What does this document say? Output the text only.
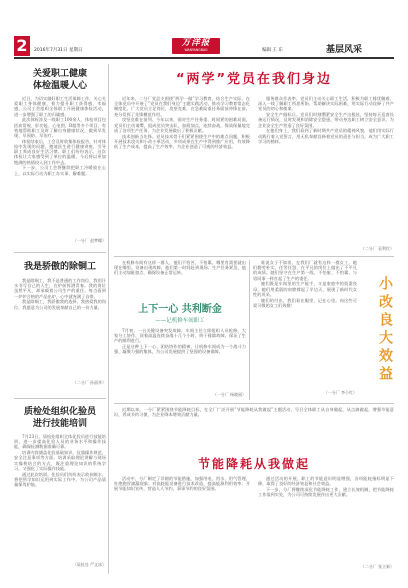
2	2016年7月31日 星期日
万洋报
WANYANGBAO	编辑 王 东	基层风采
关爱职工健康
体检温暖人心

近日，为切实做好职工生活保障工作，关心关爱职工身体健康，着力提升职工获得感、幸福感，公司工会组织全体职工开展健康体检活动，进一步增强了职工的归属感。

此次体检涉及一线职工100余人，体检项目包括血常规、肝功能、心电图、B超等多个项目，有效地帮助职工及时了解自身健康状况，做到早发现、早预防、早治疗。

体检结束后，工会及时收集体检报告，针对体检中发现的问题，邀请医生进行健康讲座，引导职工养成良好生活习惯。职工们纷纷表示，这次体检让大家感受到了单位的温暖，今后将以更加饱满的热情投入到工作中去。

下一步，公司工会将继续把职工冷暖放在心上，以实际行动为职工办实事、解难题。

（一分厂 赵梦蝶）
我是骄傲的除铜工

我是除铜工，我不是普通的工作岗位，我用汗水书写自己的人生，在炉前挥洒青春。我的岗位虽然平凡，却承载着公司生产的重任。每当看到一炉炉合格的产品出炉，心中就充满了自豪。

我是除铜工，我骄傲我的选择，我热爱我的岗位，我愿意为公司的发展奉献自己的一份力量。

（二分厂 孙丽华）
质检处组织化验员
进行技能培训

7月23日，质检处组织全体化验员进行技能培训，进一步提高化验人员的业务水平和操作技能，确保检测数据准确可靠。

培训内容涵盖化验基础知识、仪器操作规范、安全注意事项等方面。培训采取理论讲解与现场实操相结合的方式，既注重理论知识的系统学习，又强化了实际操作技能。

通过此次培训，化验员们纷纷表示收获颇丰，将把所学知识运用到实际工作中，为公司产品质量保驾护航。

（质检处 严文冰）
“两学”党员在我们身边

近年来，二分厂党总支围绕“两学一做”学习教育，结合生产实际，在全体党员中开展了“党员在我们身边”主题实践活动，推动学习教育常态化制度化。广大党员立足岗位，攻坚克难，在急难险重任务面前冲锋在前，充分发挥了先锋模范作用。

攻坚克难在前列。今年以来，面对生产任务重、时间紧的困难局面，党员们主动请缨，组成党员突击队，加班加点，连续奋战，保质保量地完成了各项生产任务，为企业发展做出了积极贡献。

技术创新当先锋。党员技术骨干们紧紧围绕生产中的难点问题，积极开展技术攻关和小改小革活动，多项成果在生产中得到推广应用，有效降低了生产成本，提高了生产效率，为企业创造了可观的经济效益。

服务群众作表率。党员们主动关心职工生活，积极为职工排忧解难，深入一线了解职工所思所盼，帮助解决实际困难，用实际行动诠释了共产党员的初心和使命。

安全生产做标兵。党员们时刻绷紧安全生产这根弦，坚持每天巡查设备运行情况，及时发现和消除安全隐患，带动身边职工树立安全意识，为企业安全生产营造了良好氛围。

在他们身上，我们看到了新时期共产党员的精神风貌，他们用实际行动践行着入党誓言，用无私奉献诠释着党员的责任与担当，成为广大职工学习的榜样。

（二分厂 袁利红）

在机修车间有这样一群人，他们不怕苦、不怕累，哪里有需要就出现在哪里。设备出现故障，他们第一时间赶到现场；生产任务紧急，他们主动加班加点，确保设备正常运转。

上下一心 共利断金
——记机修车间职工

7月初，一台关键设备突发故障，车间主任立即组织人员抢修。大家分工协作，顶着高温连续奋战十几个小时，终于排除故障，保证了生产的顺利进行。

正是这种上下一心、团结协作的精神，让机修车间成为一个战斗力强、凝聚力强的集体，为公司发展提供了坚强的设备保障。

（一分厂 杨晓丽）

谁说女子不如男，在我们厂就有这样一群女工，她们勤劳朴实，任劳任怨，在平凡的岗位上做出了不平凡的成绩。她们坚守在生产第一线，不怕脏、不怕累，与男同事一样扛起了生产的重任。

她们既是车间里的生产能手，又是家庭中的贤妻良母，她们用柔弱的肩膀撑起了半边天，展现了新时代女性的风采。

她们的付出，我们看在眼里，记在心里。向这些可爱可敬的女工们致敬！

（一分厂 李小红）
小改良大效益

近期以来，一分厂紧紧围绕节能降耗目标，在全厂广泛开展“节能降耗从我做起”主题活动，号召全体职工从自身做起，从点滴做起，增强节能意识，养成节约习惯，为企业降本增效贡献力量。

节能降耗从我做起

活动中，分厂制定了详细的节能措施，加强用电、用水、用气管理，杜绝跑冒滴漏现象；对高耗能设备进行技术改造，提高能源利用效率；开展节能知识宣传，营造人人节约、事事节约的良好氛围。

通过活动的开展，职工的节能意识明显增强，各项能耗指标明显下降，取得了良好的经济效益和社会效益。

下一步，分厂将继续深化节能降耗工作，建立长效机制，把节能降耗工作落到实处，为公司可持续发展作出更大贡献。

（二分厂 张立新）
